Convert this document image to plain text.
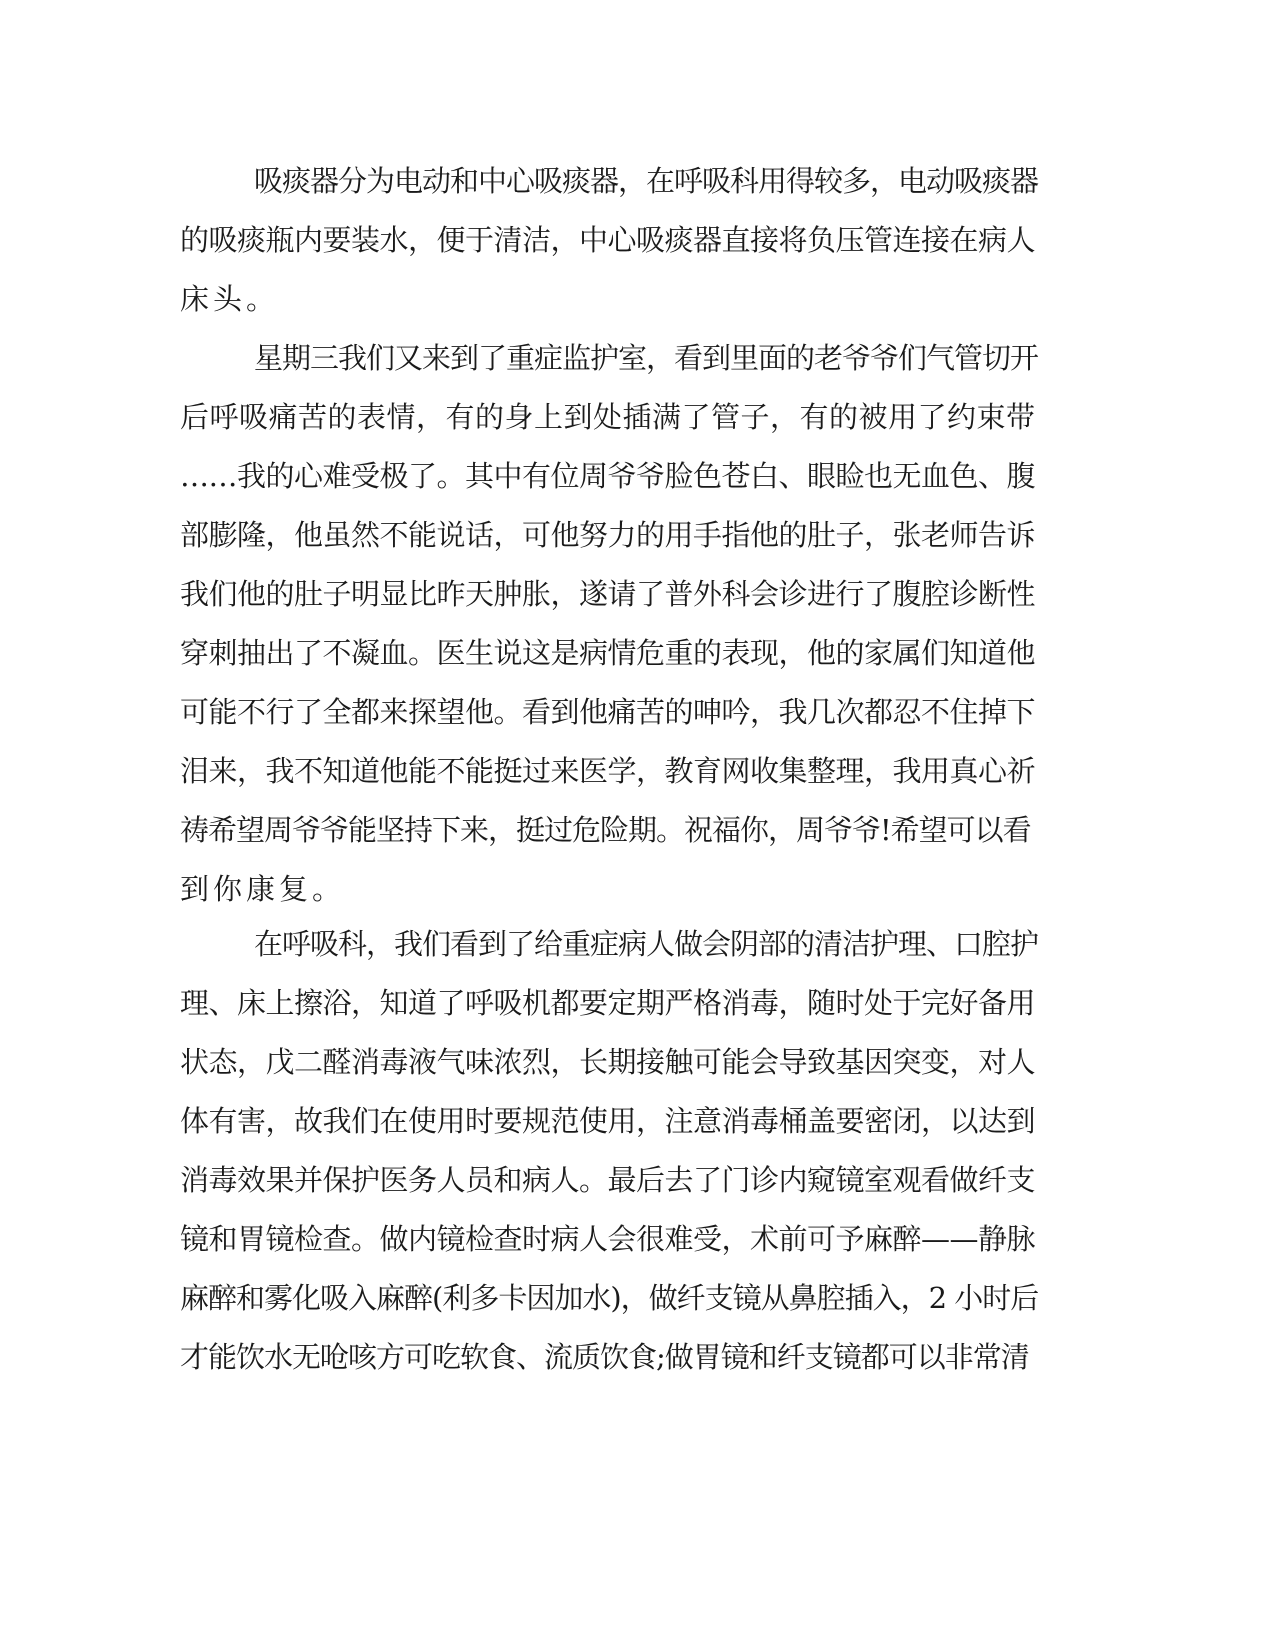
吸痰器分为电动和中心吸痰器，在呼吸科用得较多，电动吸痰器
的吸痰瓶内要装水，便于清洁，中心吸痰器直接将负压管连接在病人
床头。
星期三我们又来到了重症监护室，看到里面的老爷爷们气管切开
后呼吸痛苦的表情，有的身上到处插满了管子，有的被用了约束带
……我的心难受极了。其中有位周爷爷脸色苍白、眼睑也无血色、腹
部膨隆，他虽然不能说话，可他努力的用手指他的肚子，张老师告诉
我们他的肚子明显比昨天肿胀，遂请了普外科会诊进行了腹腔诊断性
穿刺抽出了不凝血。医生说这是病情危重的表现，他的家属们知道他
可能不行了全都来探望他。看到他痛苦的呻吟，我几次都忍不住掉下
泪来，我不知道他能不能挺过来医学，教育网收集整理，我用真心祈
祷希望周爷爷能坚持下来，挺过危险期。祝福你，周爷爷!希望可以看
到你康复。
在呼吸科，我们看到了给重症病人做会阴部的清洁护理、口腔护
理、床上擦浴，知道了呼吸机都要定期严格消毒，随时处于完好备用
状态，戊二醛消毒液气味浓烈，长期接触可能会导致基因突变，对人
体有害，故我们在使用时要规范使用，注意消毒桶盖要密闭，以达到
消毒效果并保护医务人员和病人。最后去了门诊内窥镜室观看做纤支
镜和胃镜检查。做内镜检查时病人会很难受，术前可予麻醉——静脉
麻醉和雾化吸入麻醉(利多卡因加水)，做纤支镜从鼻腔插入，2 小时后
才能饮水无呛咳方可吃软食、流质饮食;做胃镜和纤支镜都可以非常清
